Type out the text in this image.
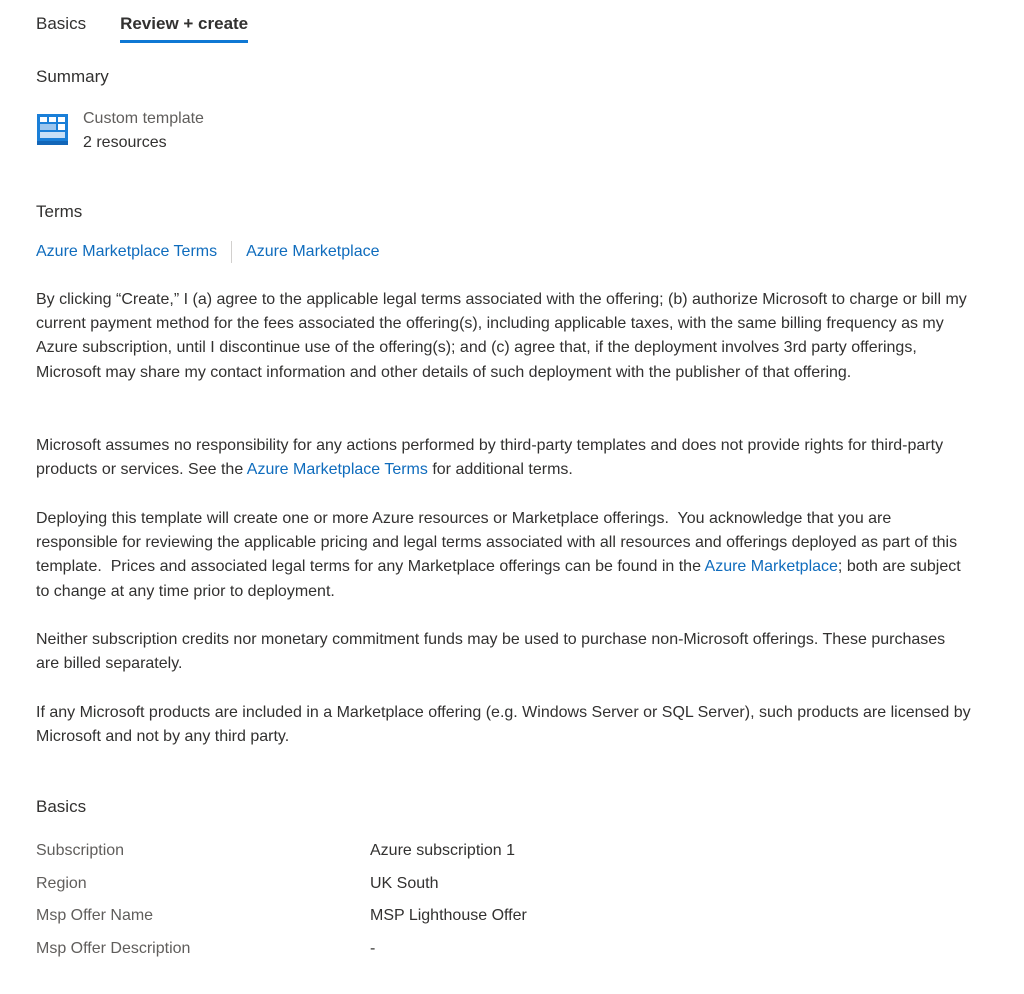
Basics Review + create
Summary
Custom template
2 resources
Terms
Azure Marketplace Terms Azure Marketplace

By clicking “Create,” I (a) agree to the applicable legal terms associated with the offering; (b) authorize Microsoft to charge or bill my current payment method for the fees associated the offering(s), including applicable taxes, with the same billing frequency as my Azure subscription, until I discontinue use of the offering(s); and (c) agree that, if the deployment involves 3rd party offerings, Microsoft may share my contact information and other details of such deployment with the publisher of that offering.

Microsoft assumes no responsibility for any actions performed by third-party templates and does not provide rights for third-party products or services. See the Azure Marketplace Terms for additional terms.

Deploying this template will create one or more Azure resources or Marketplace offerings.  You acknowledge that you are responsible for reviewing the applicable pricing and legal terms associated with all resources and offerings deployed as part of this template.  Prices and associated legal terms for any Marketplace offerings can be found in the Azure Marketplace; both are subject to change at any time prior to deployment.

Neither subscription credits nor monetary commitment funds may be used to purchase non-Microsoft offerings. These purchases are billed separately.

If any Microsoft products are included in a Marketplace offering (e.g. Windows Server or SQL Server), such products are licensed by Microsoft and not by any third party.

Basics
Subscription	Azure subscription 1
Region	UK South
Msp Offer Name	MSP Lighthouse Offer
Msp Offer Description	-
